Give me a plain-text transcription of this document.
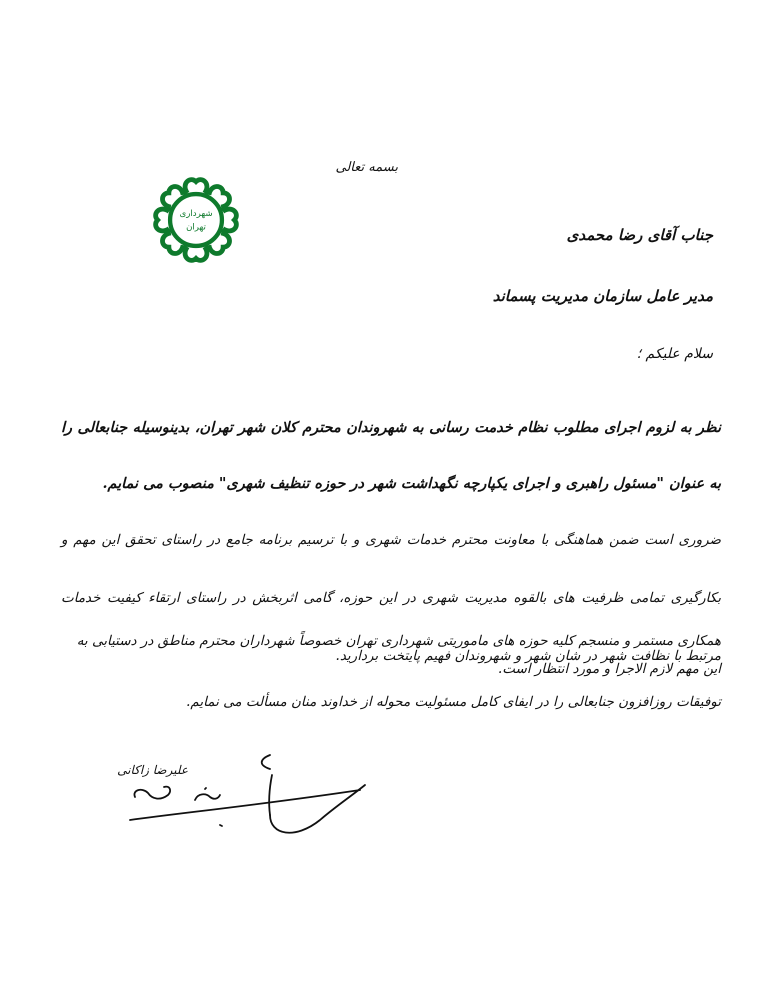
شهرداری
تهران
بسمه تعالی
جناب آقای رضا محمدی
مدیر عامل سازمان مدیریت پسماند
سلام علیکم ؛
نظر به لزوم اجرای مطلوب نظام خدمت رسانی به شهروندان محترم کلان شهر تهران، بدینوسیله جنابعالی را به عنوان "مسئول راهبری و اجرای یکپارچه نگهداشت شهر در حوزه تنظیف شهری" منصوب می نمایم.
ضروری است ضمن هماهنگی با معاونت محترم خدمات شهری و با ترسیم برنامه جامع در راستای تحقق این مهم و بکارگیری تمامی ظرفیت های بالقوه مدیریت شهری در این حوزه، گامی اثربخش در راستای ارتقاء کیفیت خدمات مرتبط با نظافت شهر در شان شهر و شهروندان فهیم پایتخت بردارید.
همکاری مستمر و منسجم کلیه حوزه های ماموریتی شهرداری تهران خصوصاً شهرداران محترم مناطق در دستیابی به این مهم لازم الاجرا و مورد انتظار است.
توفیقات روزافزون جنابعالی را در ایفای کامل مسئولیت محوله از خداوند منان مسألت می نمایم.
علیرضا زاکانی
